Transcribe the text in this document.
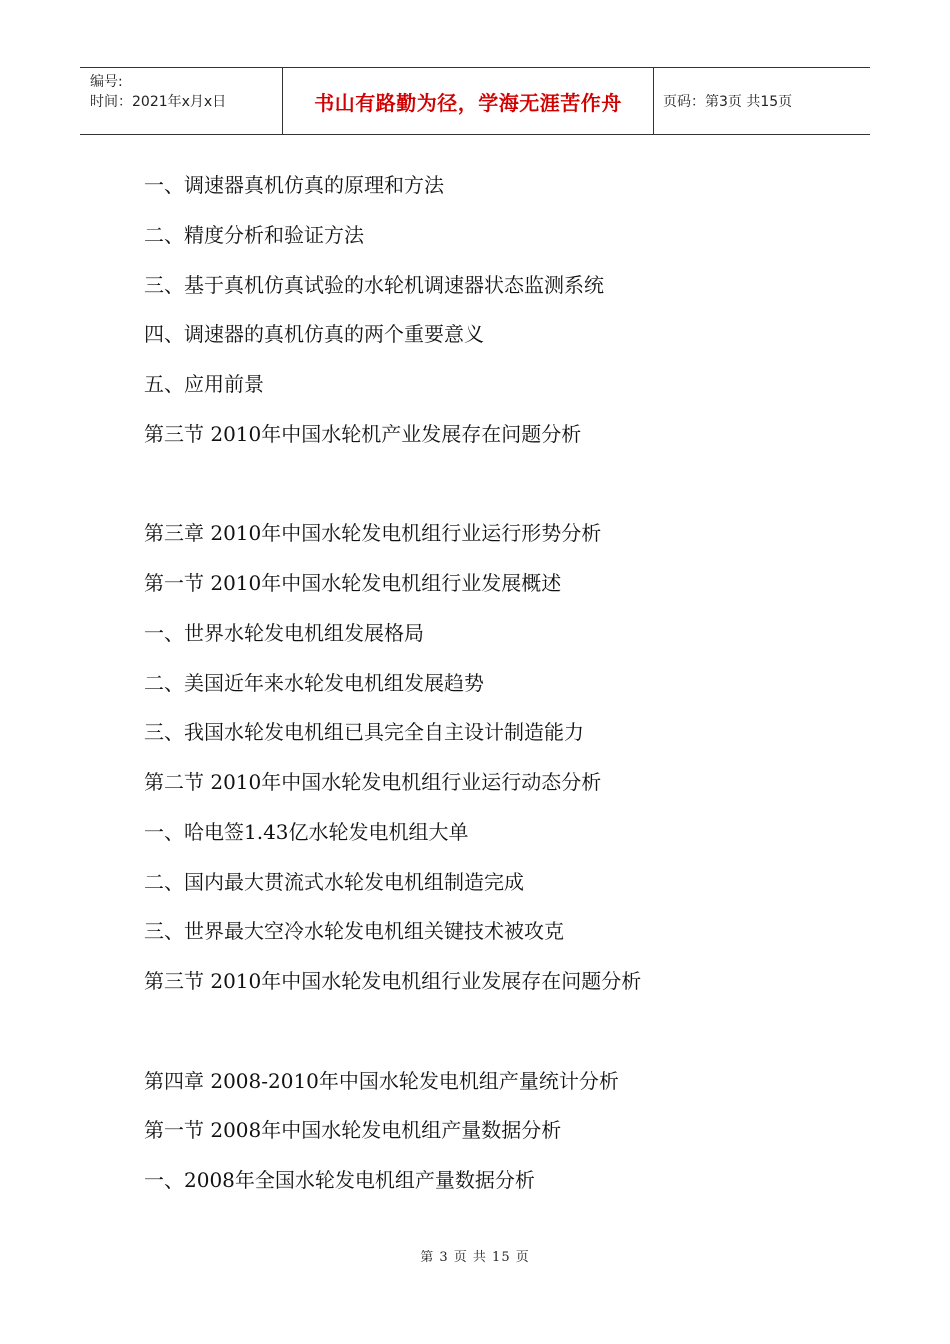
编号:
时间：2021年x月x日	书山有路勤为径，学海无涯苦作舟	页码：第3页 共15页
一、调速器真机仿真的原理和方法
二、精度分析和验证方法
三、基于真机仿真试验的水轮机调速器状态监测系统
四、调速器的真机仿真的两个重要意义
五、应用前景
第三节 2010年中国水轮机产业发展存在问题分析
第三章 2010年中国水轮发电机组行业运行形势分析
第一节 2010年中国水轮发电机组行业发展概述
一、世界水轮发电机组发展格局
二、美国近年来水轮发电机组发展趋势
三、我国水轮发电机组已具完全自主设计制造能力
第二节 2010年中国水轮发电机组行业运行动态分析
一、哈电签1.43亿水轮发电机组大单
二、国内最大贯流式水轮发电机组制造完成
三、世界最大空冷水轮发电机组关键技术被攻克
第三节 2010年中国水轮发电机组行业发展存在问题分析
第四章 2008-2010年中国水轮发电机组产量统计分析
第一节 2008年中国水轮发电机组产量数据分析
一、2008年全国水轮发电机组产量数据分析
第 3 页 共 15 页
